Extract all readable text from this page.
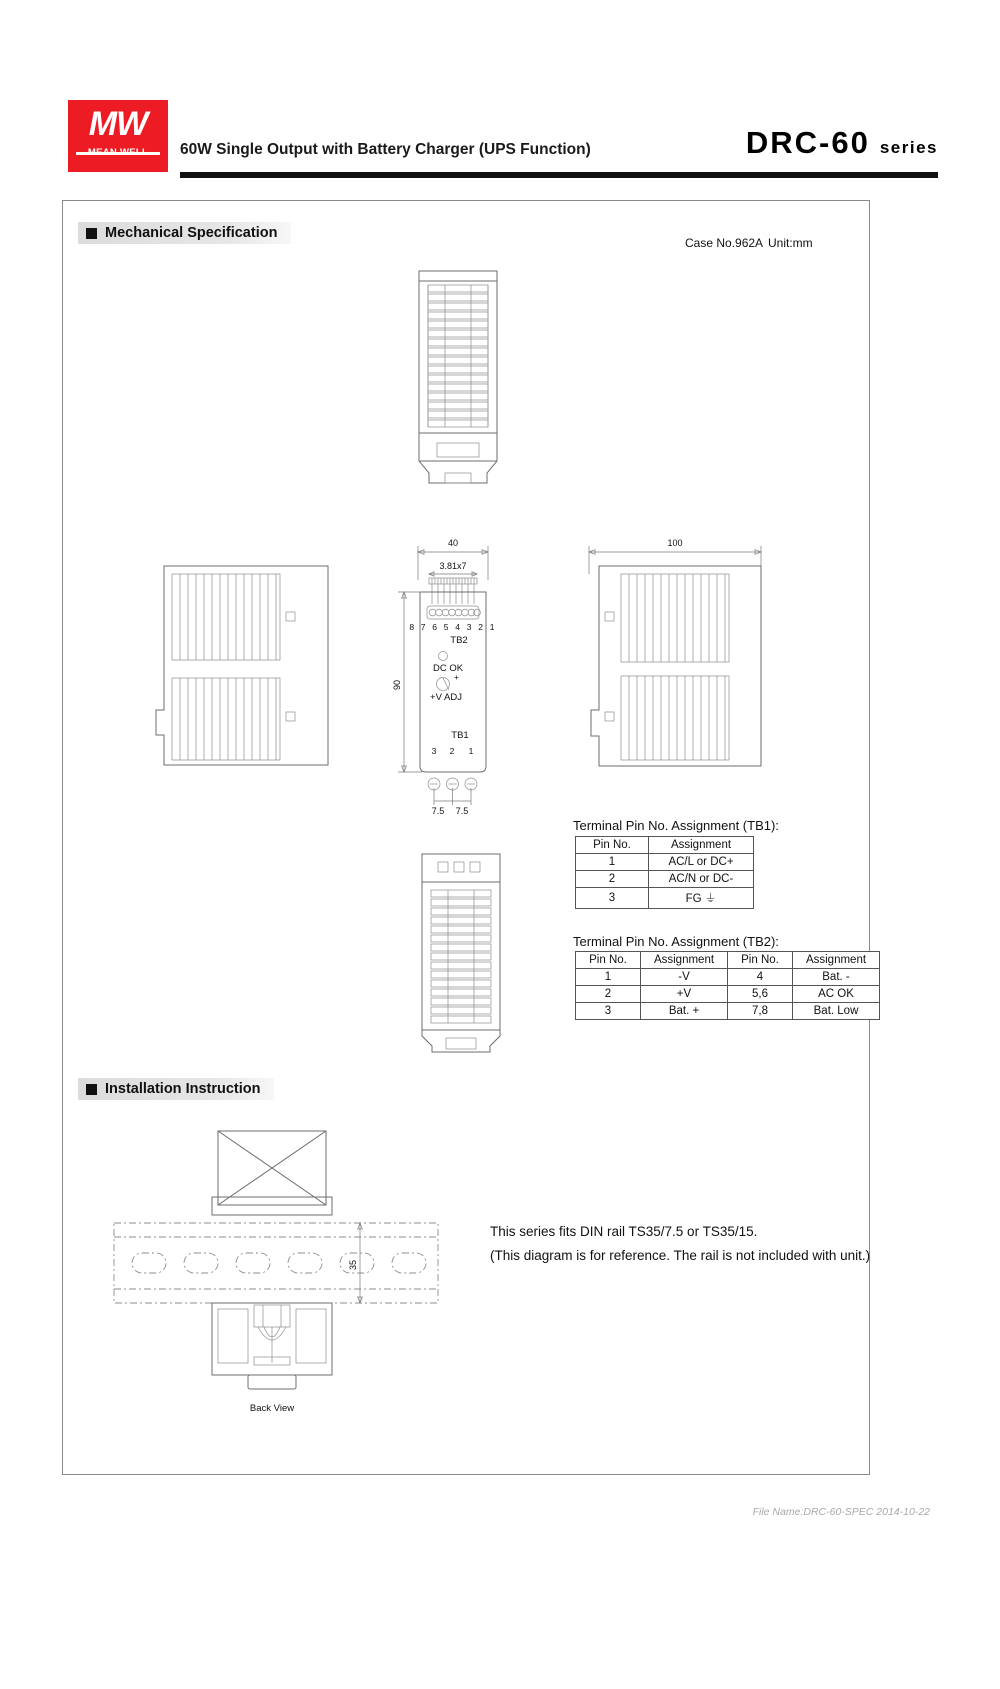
MW
60W Single Output with Battery Charger (UPS Function)	DRC-60 series
Mechanical Specification
Case No.962A Unit:mm
40
3.81x7
90
8 7 6 5 4 3 2 1
TB2
DC OK
+
+V ADJ
TB1
3 2 1
7.5 7.5
100
Terminal Pin No. Assignment (TB1):
Pin No.	Assignment
1	AC/L or DC+
2	AC/N or DC-
3	FG ⏚
Terminal Pin No. Assignment (TB2):
Pin No.	Assignment	Pin No.	Assignment
1	-V	4	Bat. -
2	+V	5,6	AC OK
3	Bat. +	7,8	Bat. Low
Installation Instruction
35
Back View
This series fits DIN rail TS35/7.5 or TS35/15.
(This diagram is for reference. The rail is not included with unit.)
File Name:DRC-60-SPEC 2014-10-22
